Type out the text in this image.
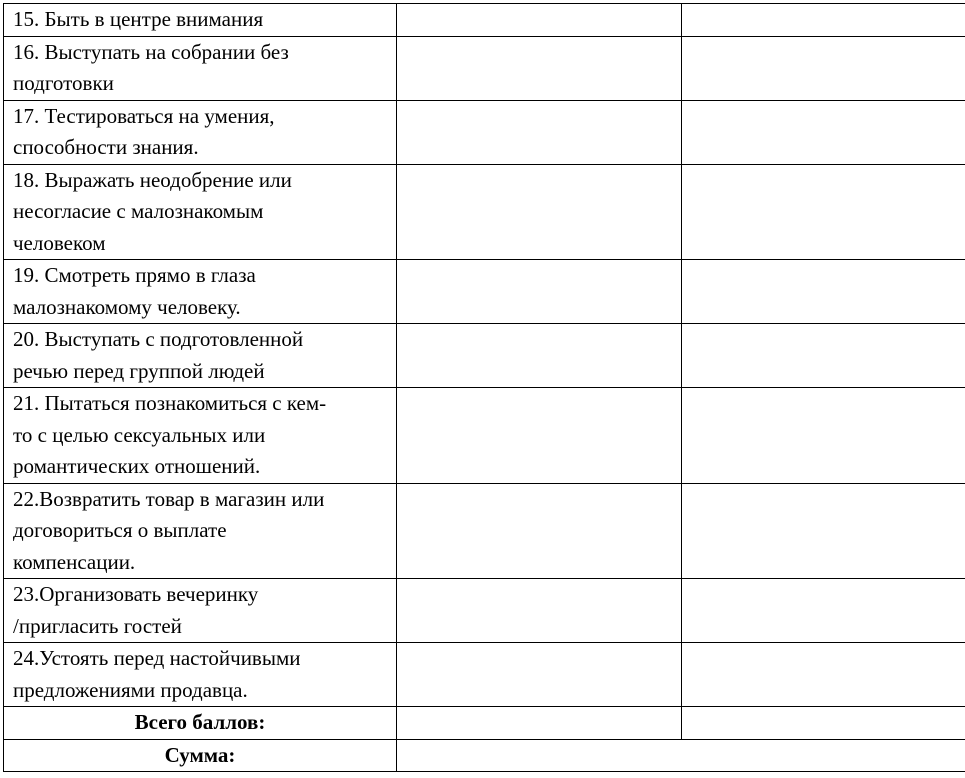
15. Быть в центре внимания		

16. Выступать на собрании без
подготовки		

17. Тестироваться на умения,
способности знания.		

18. Выражать неодобрение или
несогласие с малознакомым
человеком		

19. Смотреть прямо в глаза
малознакомому человеку.		

20. Выступать с подготовленной
речью перед группой людей		

21. Пытаться познакомиться с кем-
то с целью сексуальных или
романтических отношений.		

22.Возвратить товар в магазин или
договориться о выплате
компенсации.		

23.Организовать вечеринку
/пригласить гостей		

24.Устоять перед настойчивыми
предложениями продавца.		

Всего баллов:		
Сумма:		
